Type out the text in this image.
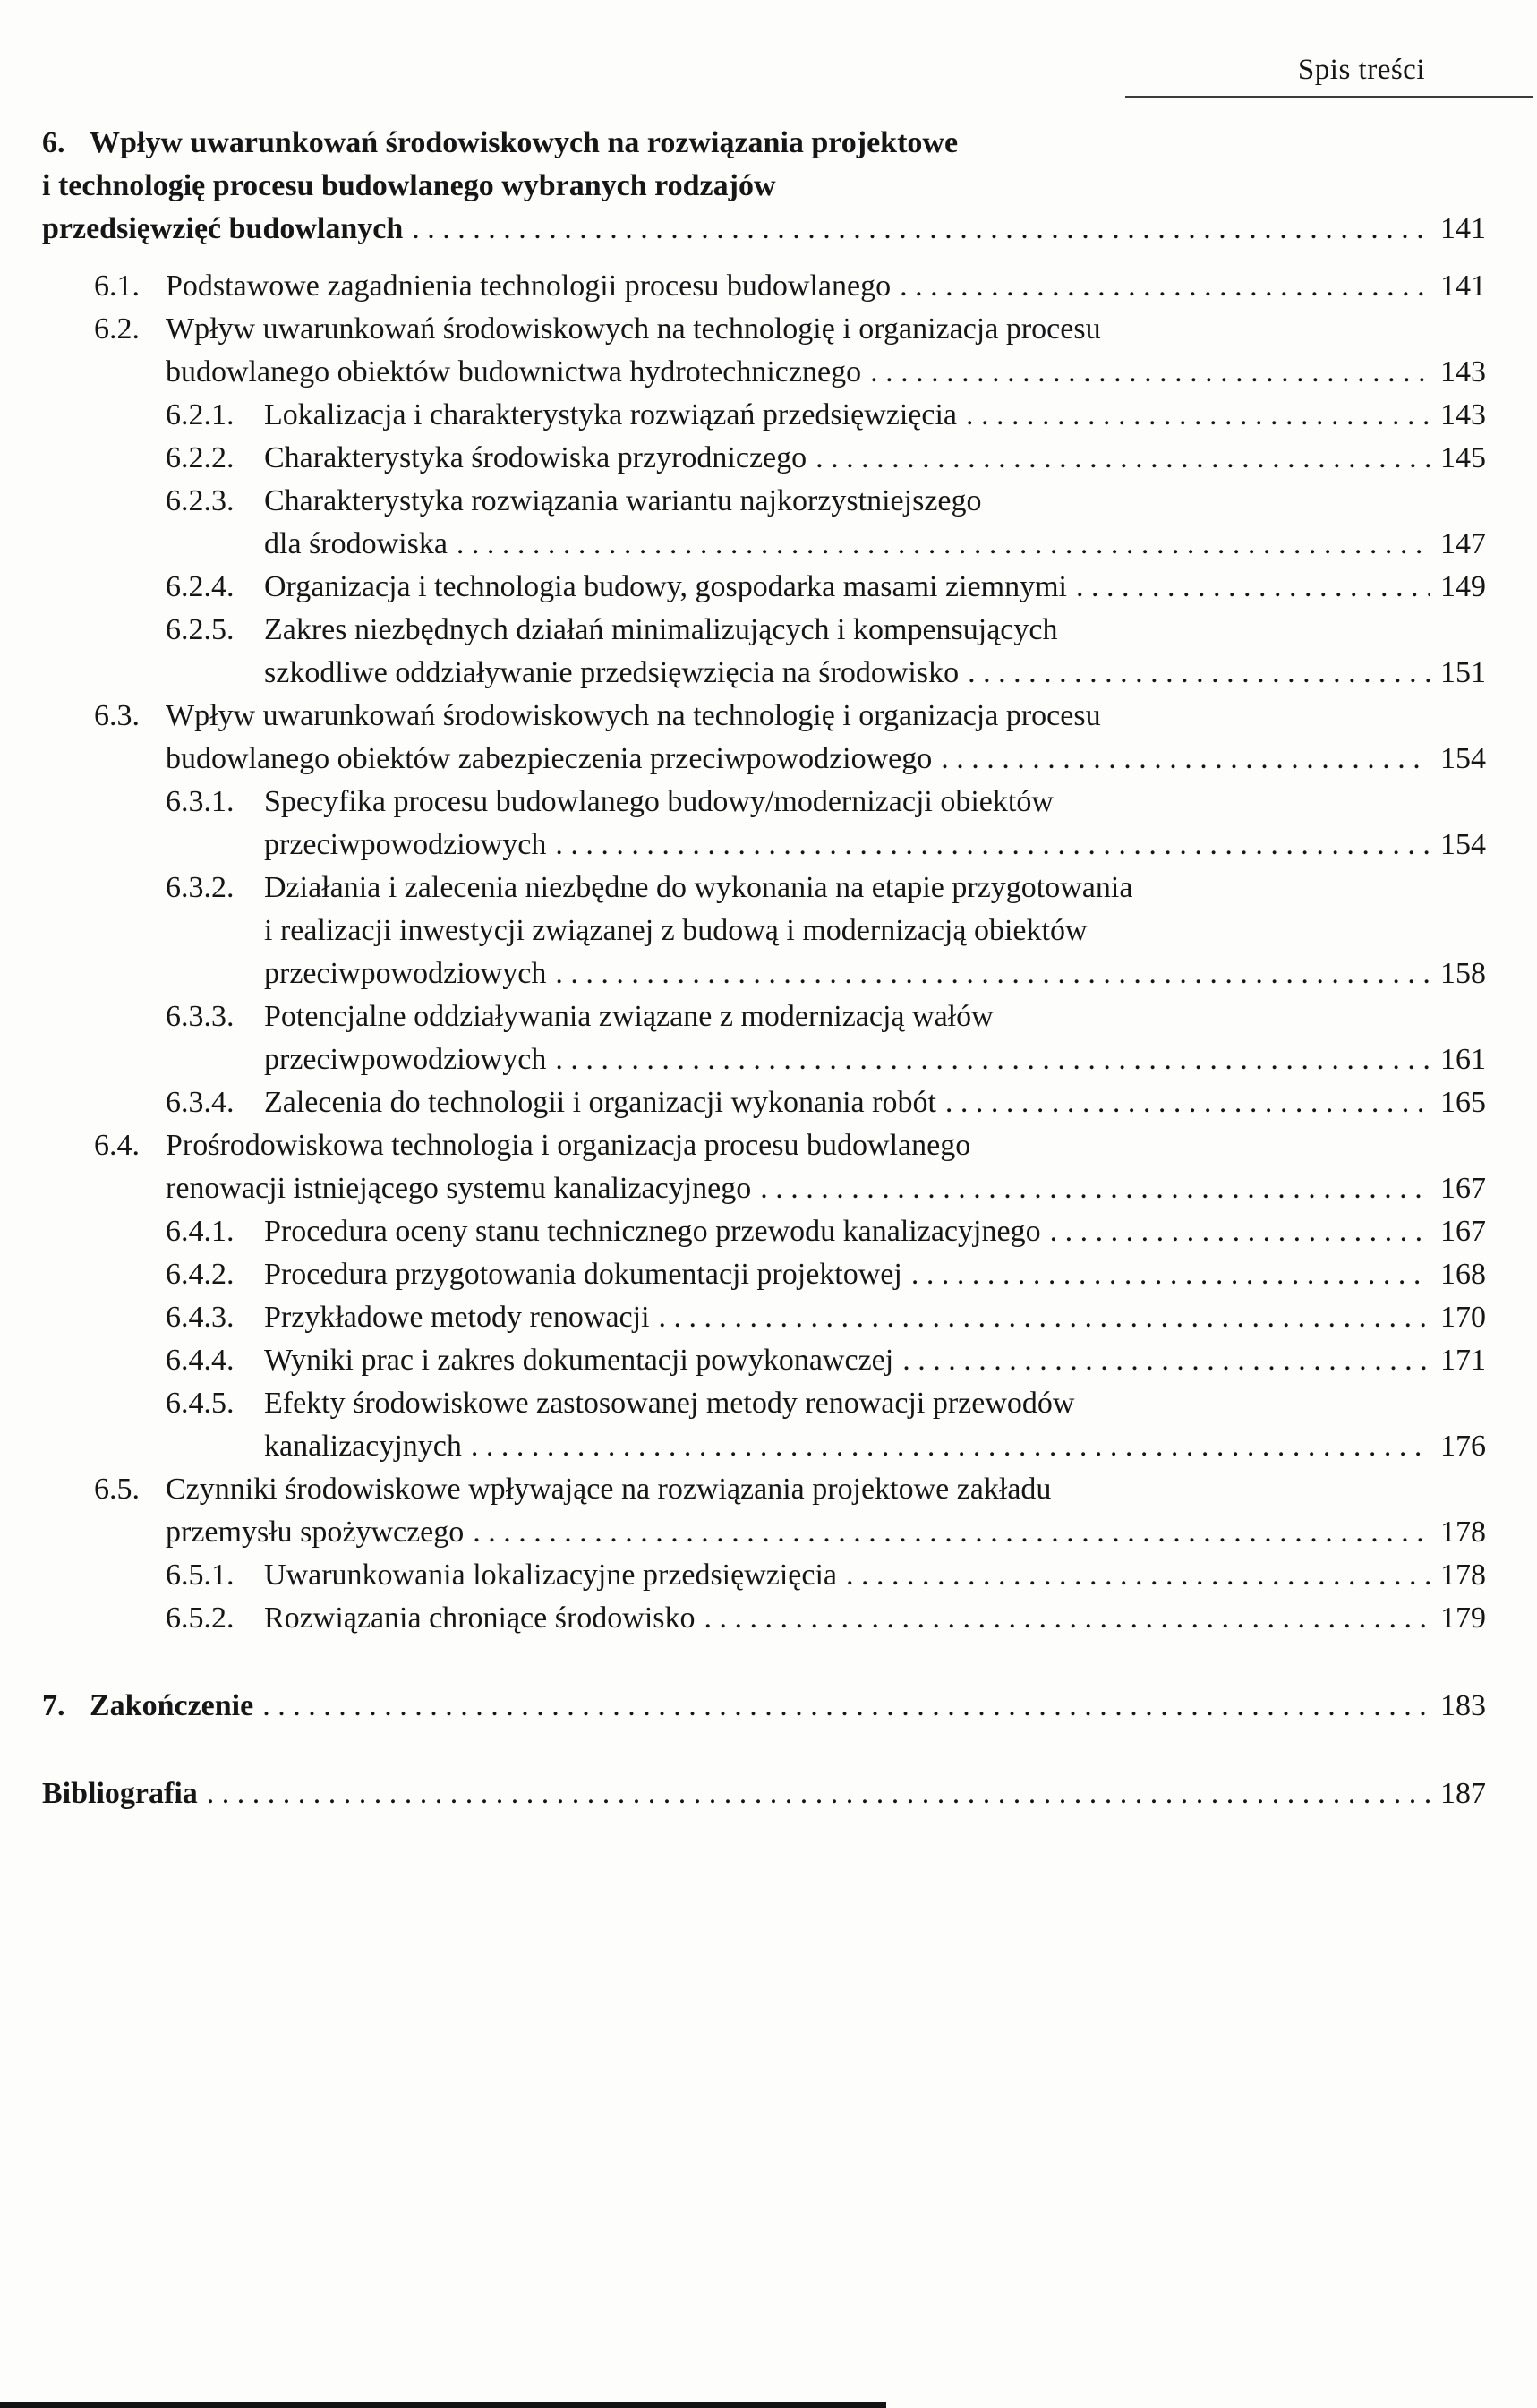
Spis treści
6. Wpływ uwarunkowań środowiskowych na rozwiązania projektowe
i technologię procesu budowlanego wybranych rodzajów
przedsięwzięć budowlanych . . .	141
6.1. Podstawowe zagadnienia technologii procesu budowlanego . . .	141
6.2. Wpływ uwarunkowań środowiskowych na technologię i organizacja procesu
budowlanego obiektów budownictwa hydrotechnicznego . . .	143
6.2.1. Lokalizacja i charakterystyka rozwiązań przedsięwzięcia . . .	143
6.2.2. Charakterystyka środowiska przyrodniczego . . .	145
6.2.3. Charakterystyka rozwiązania wariantu najkorzystniejszego
dla środowiska . . .	147
6.2.4. Organizacja i technologia budowy, gospodarka masami ziemnymi . . .	149
6.2.5. Zakres niezbędnych działań minimalizujących i kompensujących
szkodliwe oddziaływanie przedsięwzięcia na środowisko . . .	151
6.3. Wpływ uwarunkowań środowiskowych na technologię i organizacja procesu
budowlanego obiektów zabezpieczenia przeciwpowodziowego . . .	154
6.3.1. Specyfika procesu budowlanego budowy/modernizacji obiektów
przeciwpowodziowych . . .	154
6.3.2. Działania i zalecenia niezbędne do wykonania na etapie przygotowania
i realizacji inwestycji związanej z budową i modernizacją obiektów
przeciwpowodziowych . . .	158
6.3.3. Potencjalne oddziaływania związane z modernizacją wałów
przeciwpowodziowych . . .	161
6.3.4. Zalecenia do technologii i organizacji wykonania robót . . .	165
6.4. Prośrodowiskowa technologia i organizacja procesu budowlanego
renowacji istniejącego systemu kanalizacyjnego . . .	167
6.4.1. Procedura oceny stanu technicznego przewodu kanalizacyjnego . . .	167
6.4.2. Procedura przygotowania dokumentacji projektowej . . .	168
6.4.3. Przykładowe metody renowacji . . .	170
6.4.4. Wyniki prac i zakres dokumentacji powykonawczej . . .	171
6.4.5. Efekty środowiskowe zastosowanej metody renowacji przewodów
kanalizacyjnych . . .	176
6.5. Czynniki środowiskowe wpływające na rozwiązania projektowe zakładu
przemysłu spożywczego . . .	178
6.5.1. Uwarunkowania lokalizacyjne przedsięwzięcia . . .	178
6.5.2. Rozwiązania chroniące środowisko . . .	179
7. Zakończenie . . .	183
Bibliografia . . .	187
